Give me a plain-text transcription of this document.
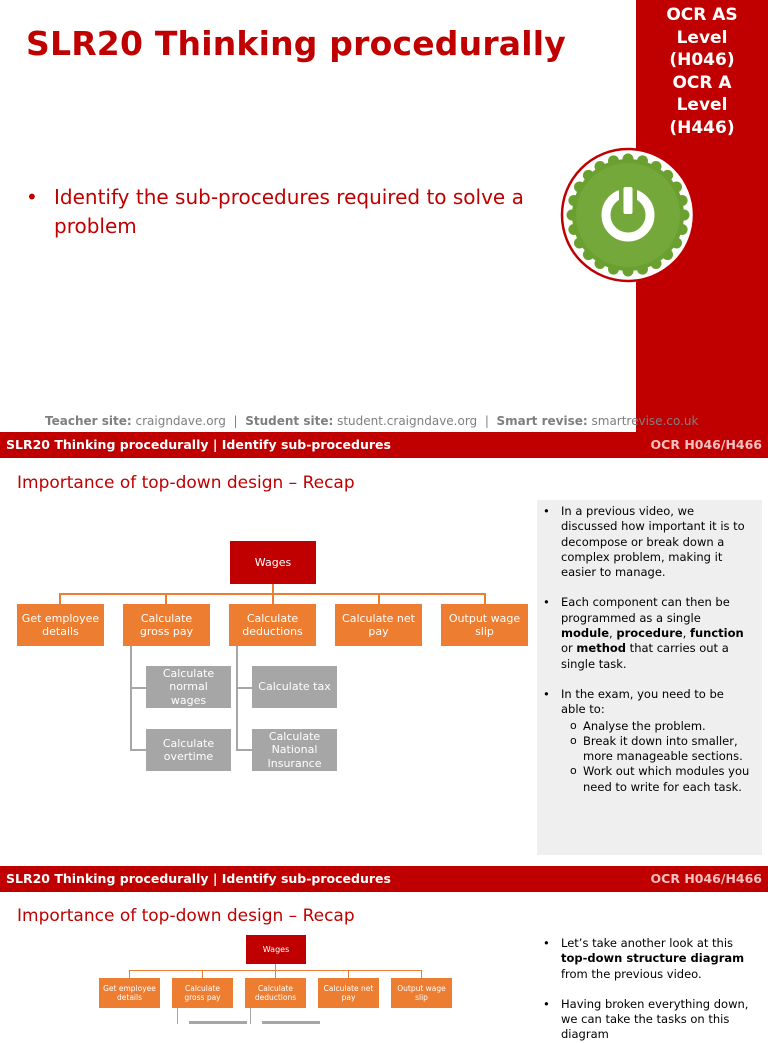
SLR20 Thinking procedurally
OCR AS
Level
(H046)
OCR A
Level
(H446)
• Identify the sub-procedures required to solve a problem
Teacher site: craigndave.org | Student site: student.craigndave.org | Smart revise: smartrevise.co.uk
SLR20 Thinking procedurally | Identify sub-procedures	OCR H046/H466
Importance of top-down design – Recap
Wages
Get employee details
Calculate gross pay
Calculate deductions
Calculate net pay
Output wage slip
Calculate normal wages
Calculate overtime
Calculate tax
Calculate National Insurance
• In a previous video, we discussed how important it is to decompose or break down a complex problem, making it easier to manage.
• Each component can then be programmed as a single module, procedure, function or method that carries out a single task.
• In the exam, you need to be able to:
o Analyse the problem.
o Break it down into smaller, more manageable sections.
o Work out which modules you need to write for each task.
SLR20 Thinking procedurally | Identify sub-procedures	OCR H046/H466
Importance of top-down design – Recap
Wages
Get employee details
Calculate gross pay
Calculate deductions
Calculate net pay
Output wage slip
• Let’s take another look at this top-down structure diagram from the previous video.
• Having broken everything down, we can take the tasks on this diagram
